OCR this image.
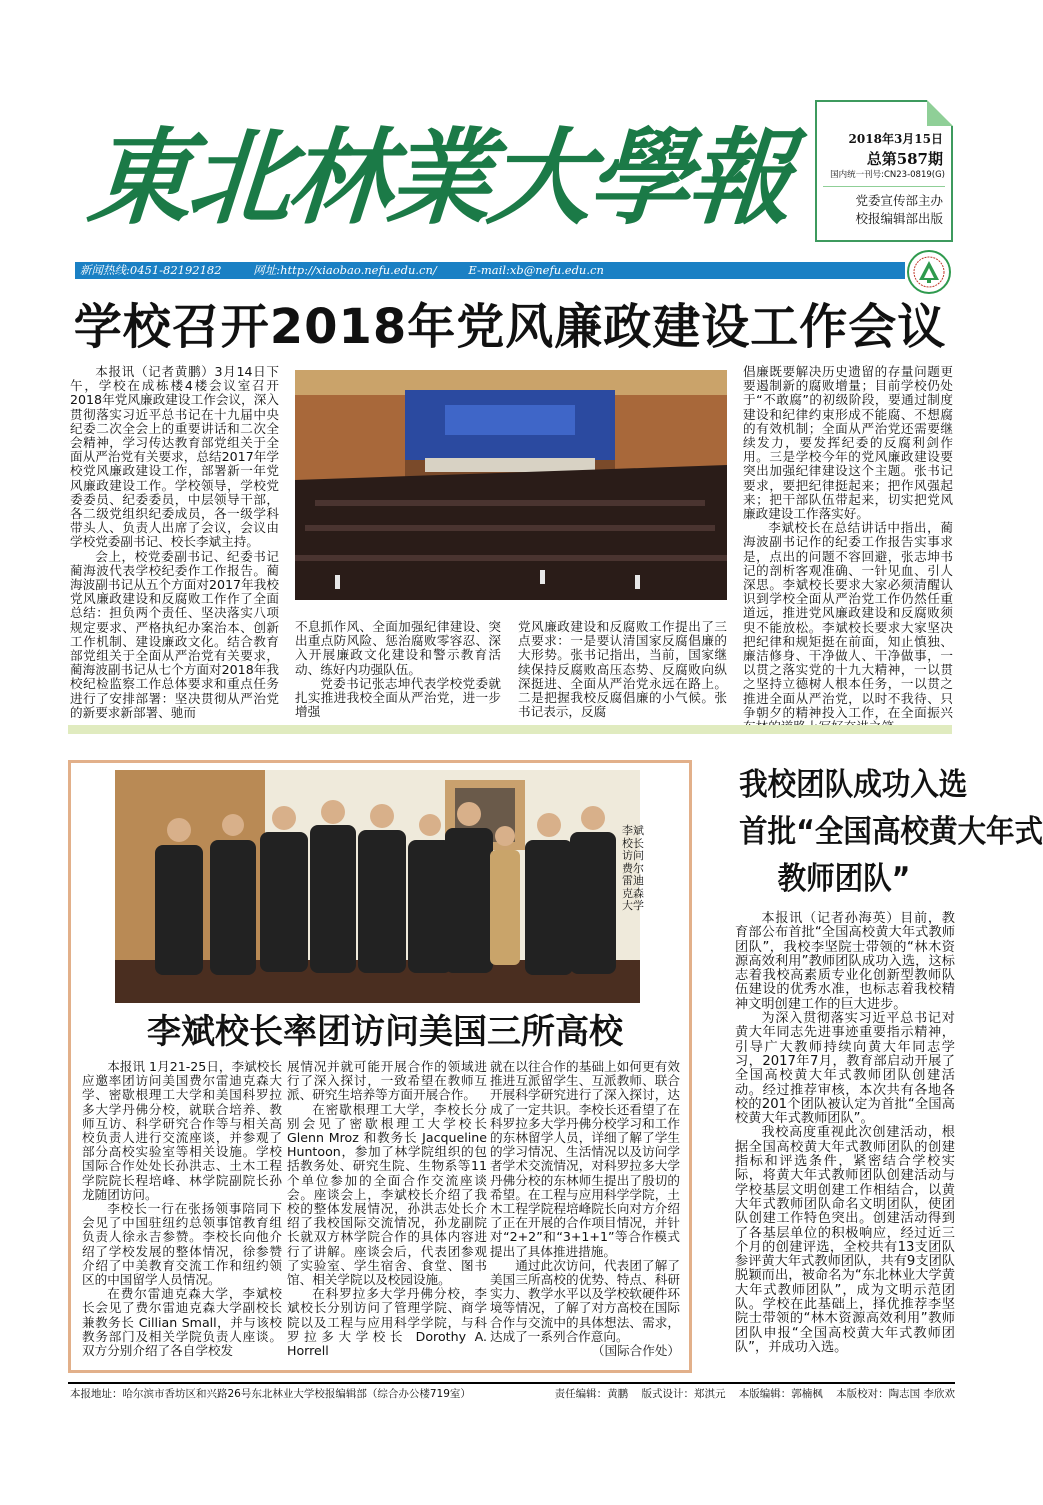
東北林業大學報	2018年3月15日
总第587期
国内统一刊号:CN23-0819(G)
党委宣传部主办
校报编辑部出版
新闻热线:0451-82192182	网址:http://xiaobao.nefu.edu.cn/	E-mail:xb@nefu.edu.cn
学校召开2018年党风廉政建设工作会议

本报讯（记者黄鹏）3月14日下午，学校在成栋楼4楼会议室召开2018年党风廉政建设工作会议，深入贯彻落实习近平总书记在十九届中央纪委二次全会上的重要讲话和二次全会精神，学习传达教育部党组关于全面从严治党有关要求，总结2017年学校党风廉政建设工作，部署新一年党风廉政建设工作。学校领导，学校党委委员、纪委委员，中层领导干部，各二级党组织纪委成员，各一级学科带头人、负责人出席了会议，会议由学校党委副书记、校长李斌主持。

会上，校党委副书记、纪委书记蔺海波代表学校纪委作工作报告。蔺海波副书记从五个方面对2017年我校党风廉政建设和反腐败工作作了全面总结：担负两个责任、坚决落实八项规定要求、严格执纪办案治本、创新工作机制、建设廉政文化。结合教育部党组关于全面从严治党有关要求，蔺海波副书记从七个方面对2018年我校纪检监察工作总体要求和重点任务进行了安排部署：坚决贯彻从严治党的新要求新部署、驰而

不息抓作风、全面加强纪律建设、突出重点防风险、惩治腐败零容忍、深入开展廉政文化建设和警示教育活动、练好内功强队伍。

党委书记张志坤代表学校党委就扎实推进我校全面从严治党，进一步增强

党风廉政建设和反腐败工作提出了三点要求：一是要认清国家反腐倡廉的大形势。张书记指出，当前，国家继续保持反腐败高压态势、反腐败向纵深挺进、全面从严治党永远在路上。二是把握我校反腐倡廉的小气候。张书记表示，反腐

倡廉既要解决历史遗留的存量问题更要遏制新的腐败增量；目前学校仍处于“不敢腐”的初级阶段，要通过制度建设和纪律约束形成不能腐、不想腐的有效机制；全面从严治党还需要继续发力，要发挥纪委的反腐利剑作用。三是学校今年的党风廉政建设要突出加强纪律建设这个主题。张书记要求，要把纪律挺起来；把作风强起来；把干部队伍带起来，切实把党风廉政建设工作落实好。

李斌校长在总结讲话中指出，蔺海波副书记作的纪委工作报告实事求是，点出的问题不容回避，张志坤书记的剖析客观准确、一针见血、引人深思。李斌校长要求大家必须清醒认识到学校全面从严治党工作仍然任重道远，推进党风廉政建设和反腐败须臾不能放松。李斌校长要求大家坚决把纪律和规矩挺在前面，知止慎独、廉洁修身、干净做人、干净做事，一以贯之落实党的十九大精神，一以贯之坚持立德树人根本任务，一以贯之推进全面从严治党，以时不我待、只争朝夕的精神投入工作，在全面振兴

李斌校长访问费尔雷迪克森大学
李斌校长率团访问美国三所高校

本报讯 1月21-25日，李斌校长应邀率团访问美国费尔雷迪克森大学、密歇根理工大学和美国科罗拉多大学丹佛分校，就联合培养、教师互访、科学研究合作等与相关高校负责人进行交流座谈，并参观了部分高校实验室等相关设施。学校国际合作处处长孙洪志、土木工程学院院长程培峰、林学院副院长孙龙随团访问。

李校长一行在张扬领事陪同下会见了中国驻纽约总领事馆教育组负责人徐永吉参赞。李校长向他介绍了学校发展的整体情况，徐参赞介绍了中美教育交流工作和纽约领区的中国留学人员情况。

在费尔雷迪克森大学，李斌校长会见了费尔雷迪克森大学副校长兼教务长 Cillian Small，并与该校教务部门及相关学院负责人座谈。双方分别介绍了各自学校发

展情况并就可能开展合作的领域进行了深入探讨，一致希望在教师互派、研究生培养等方面开展合作。

在密歇根理工大学，李校长分别会见了密歇根理工大学校长 Glenn Mroz 和教务长 Jacqueline Huntoon，参加了林学院组织的包括教务处、研究生院、生物系等11个单位参加的全面合作交流座谈会。座谈会上，李斌校长介绍了我校的整体发展情况，孙洪志处长介绍了我校国际交流情况，孙龙副院长就双方林学院合作的具体内容进行了讲解。座谈会后，代表团参观了实验室、学生宿舍、食堂、图书馆、相关学院以及校园设施。

在科罗拉多大学丹佛分校，李斌校长分别访问了管理学院、商学院以及工程与应用科学学院，与科罗拉多大学校长 Dorothy A. Horrell

就在以往合作的基础上如何更有效推进互派留学生、互派教师、联合开展科学研究进行了深入探讨，达成了一定共识。李校长还看望了在科罗拉多大学丹佛分校学习和工作的东林留学人员，详细了解了学生的学习情况、生活情况以及访问学者学术交流情况，对科罗拉多大学丹佛分校的东林师生提出了殷切的希望。在工程与应用科学学院，土木工程学院程培峰院长向对方介绍了正在开展的合作项目情况，并针对“2+2”和“3+1+1”等合作模式提出了具体推进措施。

通过此次访问，代表团了解了美国三所高校的优势、特点、科研实力、教学水平以及学校软硬件环境等情况，了解了对方高校在国际合作与交流中的具体想法、需求，达成了一系列合作意向。

（国际合作处）

我校团队成功入选
首批“全国高校黄大年式
教师团队”

本报讯（记者孙海英）目前，教育部公布首批“全国高校黄大年式教师团队”，我校李坚院士带领的“林木资源高效利用”教师团队成功入选，这标志着我校高素质专业化创新型教师队伍建设的优秀水准，也标志着我校精神文明创建工作的巨大进步。

为深入贯彻落实习近平总书记对黄大年同志先进事迹重要指示精神，引导广大教师持续向黄大年同志学习，2017年7月，教育部启动开展了全国高校黄大年式教师团队创建活动。经过推荐审核，本次共有各地各校的201个团队被认定为首批“全国高校黄大年式教师团队”。

我校高度重视此次创建活动，根据全国高校黄大年式教师团队的创建指标和评选条件，紧密结合学校实际，将黄大年式教师团队创建活动与学校基层文明创建工作相结合，以黄大年式教师团队命名文明团队，使团队创建工作特色突出。创建活动得到了各基层单位的积极响应，经过近三个月的创建评选，全校共有13支团队参评黄大年式教师团队，共有9支团队脱颖而出，被命名为“东北林业大学黄大年式教师团队”，成为文明示范团队。学校在此基础上，择优推荐李坚院士带领的“林木资源高效利用”教师团队申报“全国高校黄大年式教师团队”，并成功入选。

本报地址：哈尔滨市香坊区和兴路26号东北林业大学校报编辑部（综合办公楼719室）	责任编辑：黄鹏 版式设计：郑淇元 本版编辑：郭楠枫 本版校对：陶志国 李欣欢
